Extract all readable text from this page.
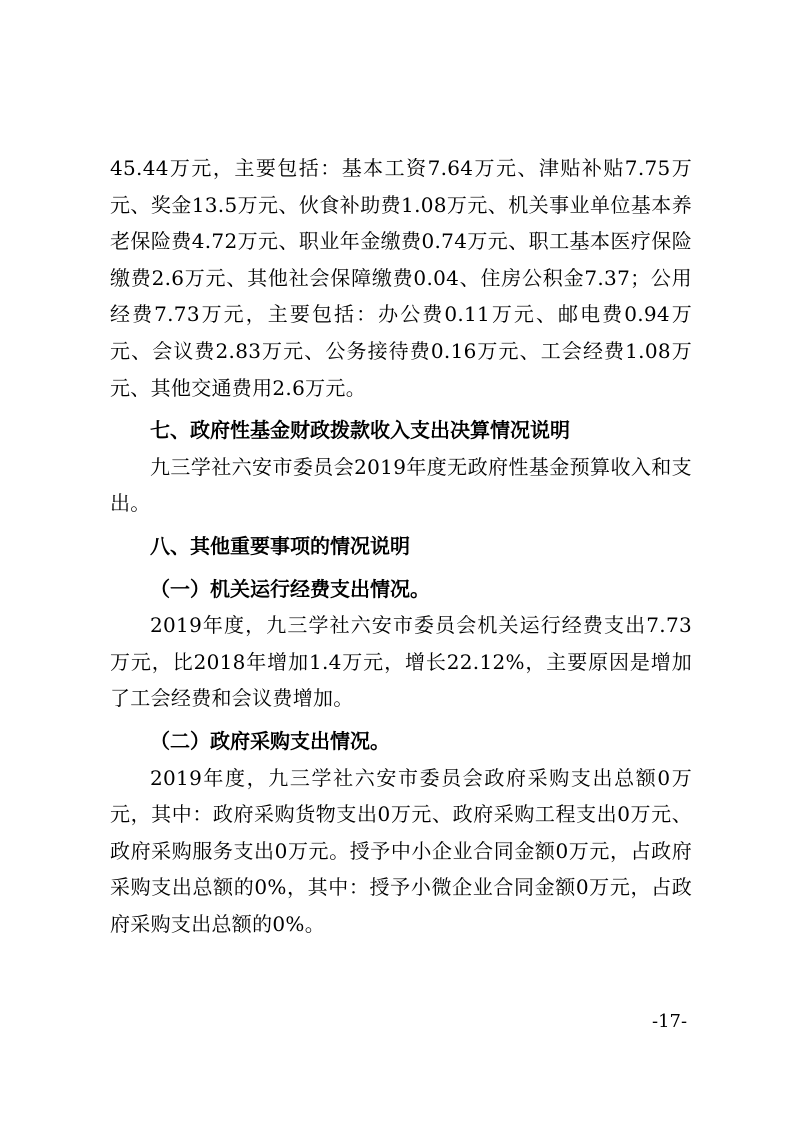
45.44万元，主要包括：基本工资7.64万元、津贴补贴7.75万元、奖金13.5万元、伙食补助费1.08万元、机关事业单位基本养老保险费4.72万元、职业年金缴费0.74万元、职工基本医疗保险缴费2.6万元、其他社会保障缴费0.04、住房公积金7.37；公用经费7.73万元，主要包括：办公费0.11万元、邮电费0.94万元、会议费2.83万元、公务接待费0.16万元、工会经费1.08万元、其他交通费用2.6万元。

七、政府性基金财政拨款收入支出决算情况说明

九三学社六安市委员会2019年度无政府性基金预算收入和支出。

八、其他重要事项的情况说明

（一）机关运行经费支出情况。

2019年度，九三学社六安市委员会机关运行经费支出7.73万元，比2018年增加1.4万元，增长22.12%，主要原因是增加了工会经费和会议费增加。

（二）政府采购支出情况。

2019年度，九三学社六安市委员会政府采购支出总额0万元，其中：政府采购货物支出0万元、政府采购工程支出0万元、政府采购服务支出0万元。授予中小企业合同金额0万元，占政府采购支出总额的0%，其中：授予小微企业合同金额0万元，占政府采购支出总额的0%。

-17-
